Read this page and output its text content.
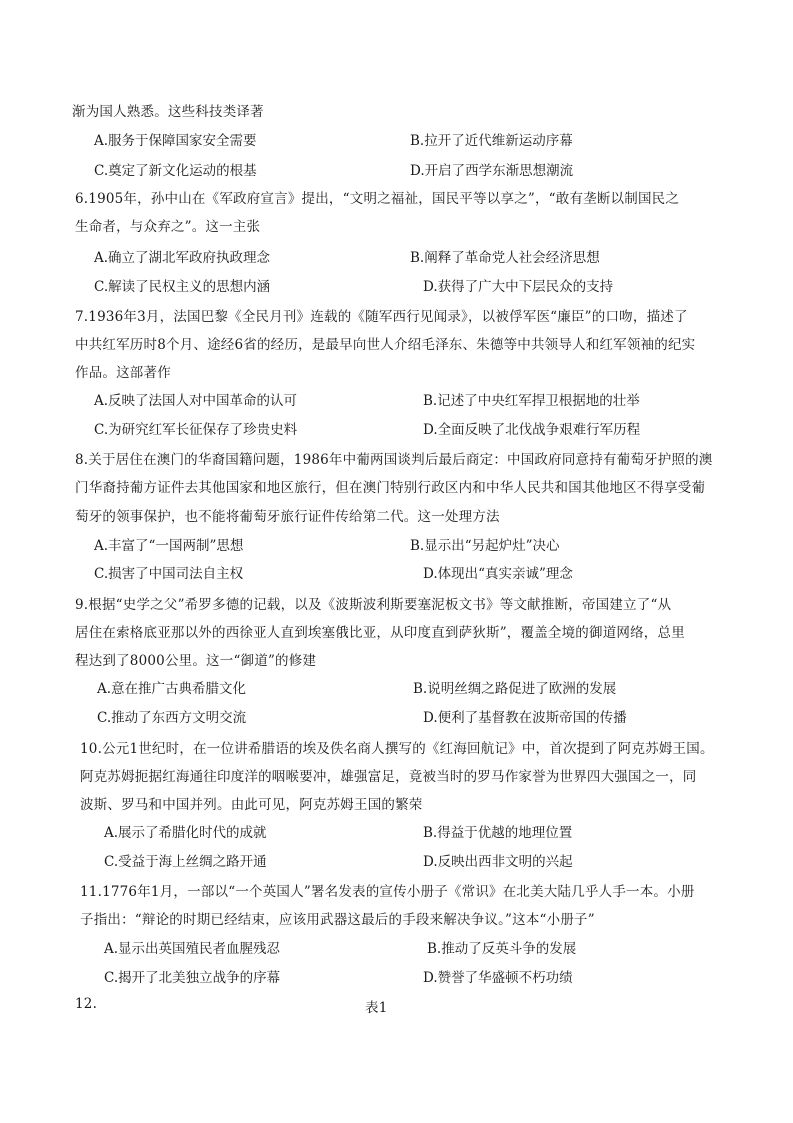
渐为国人熟悉。这些科技类译著
A.服务于保障国家安全需要	B.拉开了近代维新运动序幕
C.奠定了新文化运动的根基	D.开启了西学东渐思想潮流
6.1905年，孙中山在《军政府宣言》提出，“文明之福祉，国民平等以享之”，“敢有垄断以制国民之
生命者，与众弃之”。这一主张
A.确立了湖北军政府执政理念	B.阐释了革命党人社会经济思想
C.解读了民权主义的思想内涵	D.获得了广大中下层民众的支持
7.1936年3月，法国巴黎《全民月刊》连载的《随军西行见闻录》，以被俘军医“廉臣”的口吻，描述了
中共红军历时8个月、途经6省的经历，是最早向世人介绍毛泽东、朱德等中共领导人和红军领袖的纪实
作品。这部著作
A.反映了法国人对中国革命的认可	B.记述了中央红军捍卫根据地的壮举
C.为研究红军长征保存了珍贵史料	D.全面反映了北伐战争艰难行军历程
8.关于居住在澳门的华裔国籍问题，1986年中葡两国谈判后最后商定：中国政府同意持有葡萄牙护照的澳
门华裔持葡方证件去其他国家和地区旅行，但在澳门特别行政区内和中华人民共和国其他地区不得享受葡
萄牙的领事保护，也不能将葡萄牙旅行证件传给第二代。这一处理方法
A.丰富了“一国两制”思想	B.显示出“另起炉灶”决心
C.损害了中国司法自主权	D.体现出“真实亲诚”理念
9.根据“史学之父”希罗多德的记载，以及《波斯波利斯要塞泥板文书》等文献推断，帝国建立了“从
居住在索格底亚那以外的西徐亚人直到埃塞俄比亚，从印度直到萨狄斯”，覆盖全境的御道网络，总里
程达到了8000公里。这一“御道”的修建
A.意在推广古典希腊文化	B.说明丝绸之路促进了欧洲的发展
C.推动了东西方文明交流	D.便利了基督教在波斯帝国的传播
10.公元1世纪时，在一位讲希腊语的埃及佚名商人撰写的《红海回航记》中，首次提到了阿克苏姆王国。
阿克苏姆扼据红海通往印度洋的咽喉要冲，雄强富足，竟被当时的罗马作家誉为世界四大强国之一，同
波斯、罗马和中国并列。由此可见，阿克苏姆王国的繁荣
A.展示了希腊化时代的成就	B.得益于优越的地理位置
C.受益于海上丝绸之路开通	D.反映出西非文明的兴起
11.1776年1月，一部以“一个英国人”署名发表的宣传小册子《常识》在北美大陆几乎人手一本。小册
子指出：“辩论的时期已经结束，应该用武器这最后的手段来解决争议。”这本“小册子”
A.显示出英国殖民者血腥残忍	B.推动了反英斗争的发展
C.揭开了北美独立战争的序幕	D.赞誉了华盛顿不朽功绩
12.	表1
